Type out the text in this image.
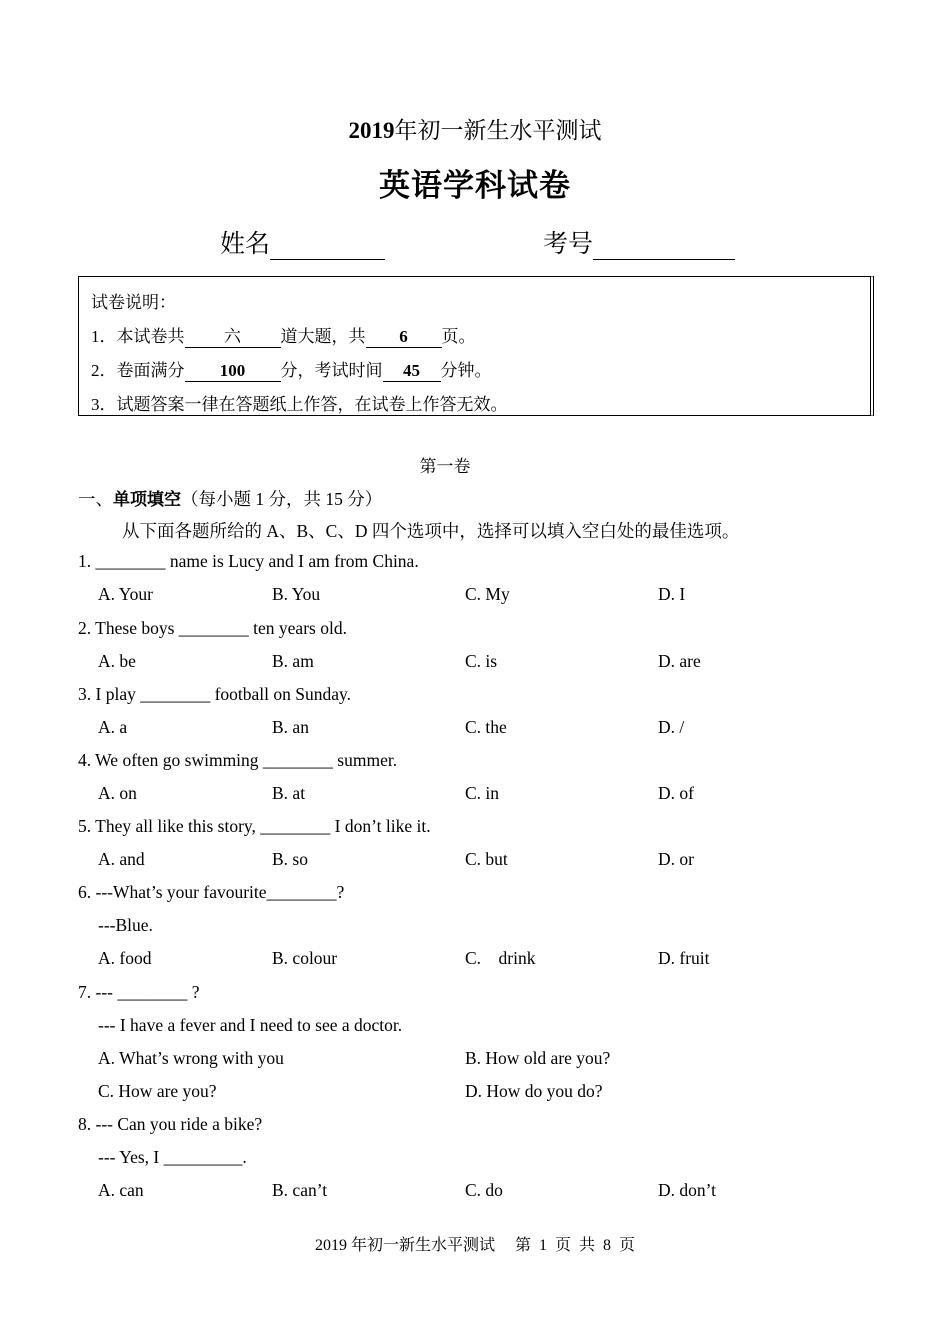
2019年初一新生水平测试
英语学科试卷
姓名	考号
试卷说明：
1．本试卷共 六 道大题，共 6 页。
2．卷面满分 100 分，考试时间 45 分钟。
3．试题答案一律在答题纸上作答，在试卷上作答无效。
第一卷
一、单项填空（每小题 1 分，共 15 分）
从下面各题所给的 A、B、C、D 四个选项中，选择可以填入空白处的最佳选项。
1. ________ name is Lucy and I am from China.
A. Your	B. You	C. My	D. I
2. These boys ________ ten years old.
A. be	B. am	C. is	D. are
3. I play ________ football on Sunday.
A. a	B. an	C. the	D. /
4. We often go swimming ________ summer.
A. on	B. at	C. in	D. of
5. They all like this story, ________ I don’t like it.
A. and	B. so	C. but	D. or
6. ---What’s your favourite________?
---Blue.
A. food	B. colour	C.    drink	D. fruit
7. --- ________ ?
--- I have a fever and I need to see a doctor.
A. What’s wrong with you	B. How old are you?
C. How are you?	D. How do you do?
8. --- Can you ride a bike?
--- Yes, I _________.
A. can	B. can’t	C. do	D. don’t
2019 年初一新生水平测试     第  1  页  共  8  页
